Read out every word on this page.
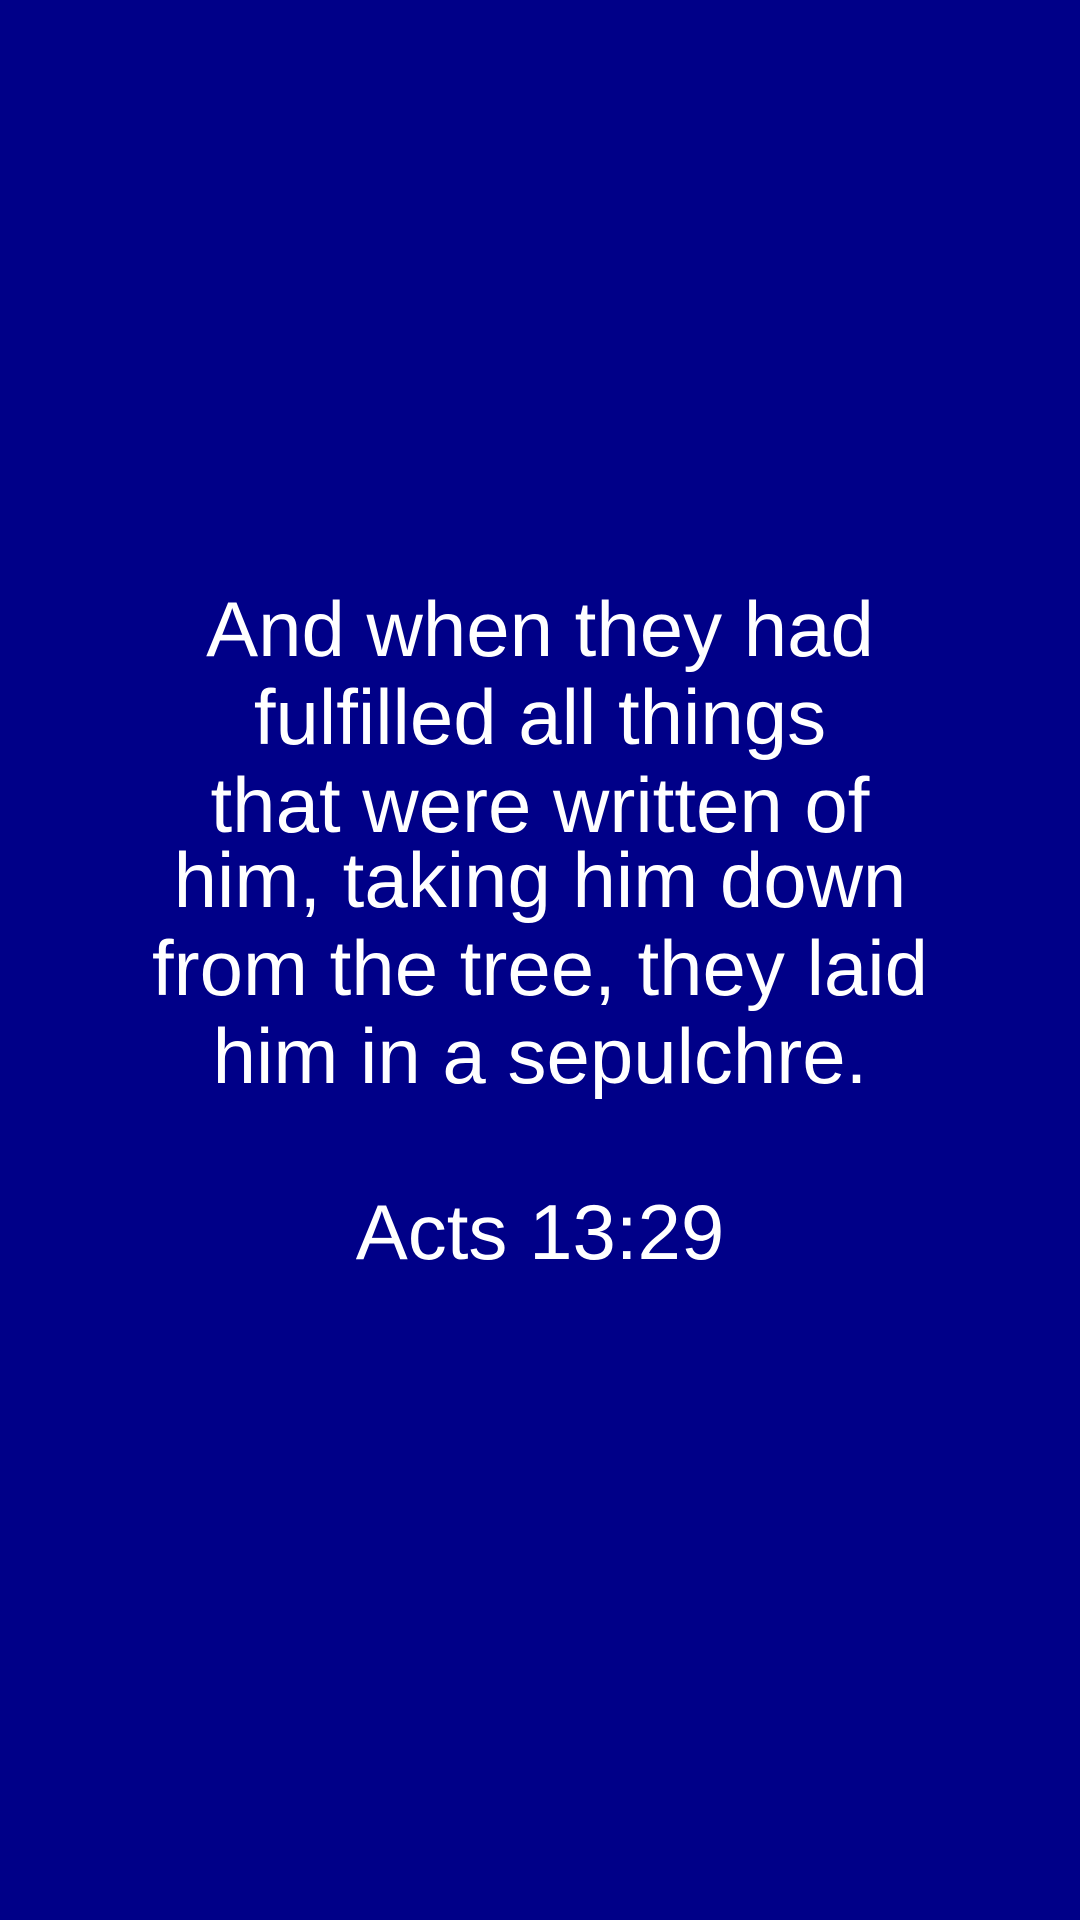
And when they had
fulfilled all things
that were written of
him, taking him down
from the tree, they laid
him in a sepulchre.

Acts 13:29
